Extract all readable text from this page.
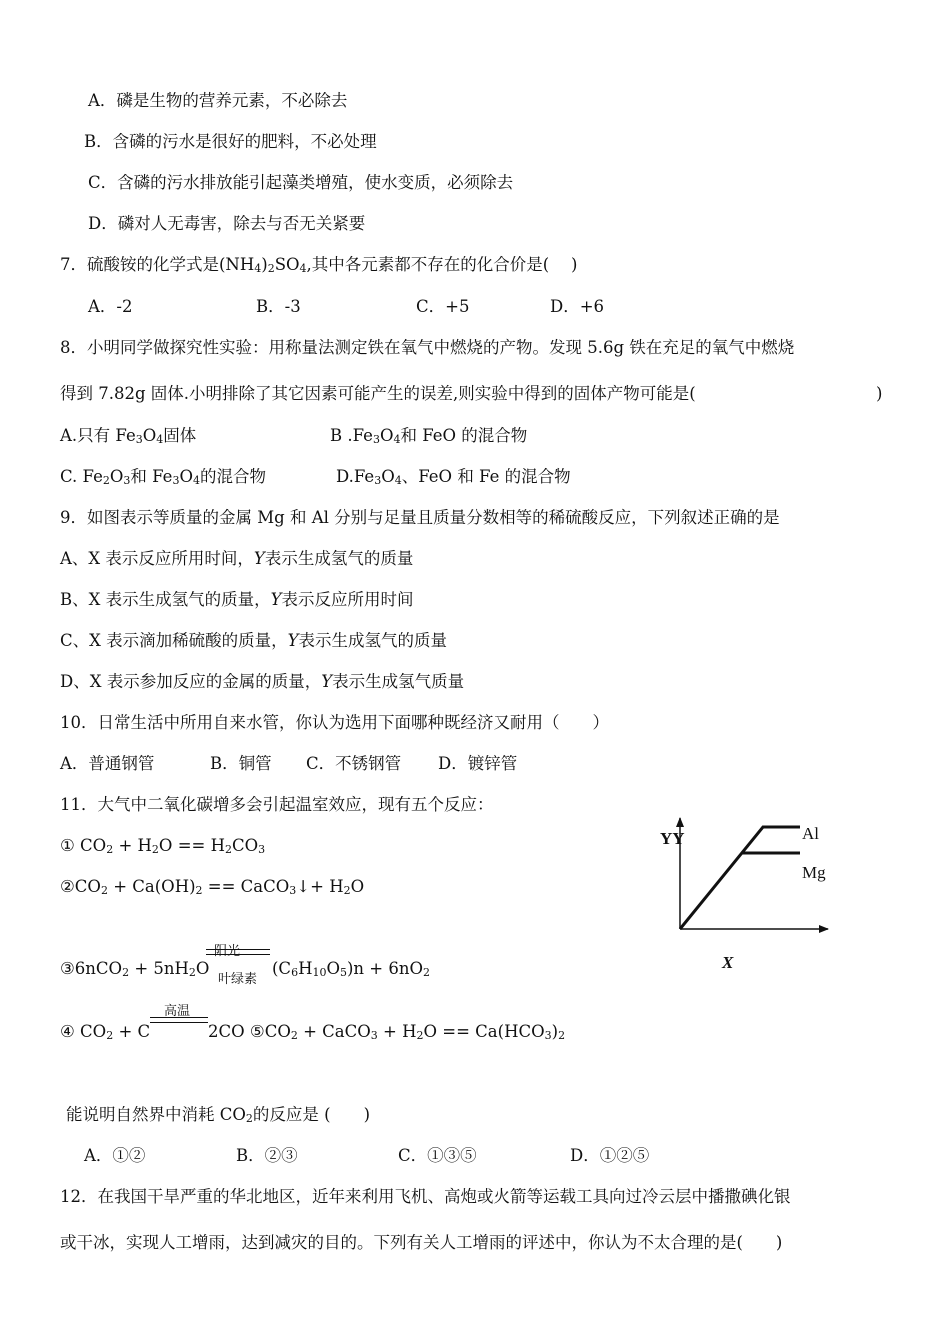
A．磷是生物的营养元素，不必除去
B．含磷的污水是很好的肥料，不必处理
C．含磷的污水排放能引起藻类增殖，使水变质，必须除去
D．磷对人无毒害，除去与否无关紧要
7．硫酸铵的化学式是$(NH_4)_2SO_4$,其中各元素都不存在的化合价是(　 )
A．-2	B．-3	C．+5	D．+6
8．小明同学做探究性实验：用称量法测定铁在氧气中燃烧的产物。发现 5.6g 铁在充足的氧气中燃烧
得到 7.82g 固体.小明排除了其它因素可能产生的误差,则实验中得到的固体产物可能是(	)
A.只有 $Fe_3O_4$固体	B $.Fe_3O_4$和 FeO 的混合物
C. $Fe_2O_3$和 $Fe_3O_4$的混合物	$D.Fe_3O_4$、FeO 和 Fe 的混合物
9．如图表示等质量的金属 Mg 和 Al 分别与足量且质量分数相等的稀硫酸反应，下列叙述正确的是
A、X 表示反应所用时间，Y表示生成氢气的质量
B、X 表示生成氢气的质量，Y表示反应所用时间
C、X 表示滴加稀硫酸的质量，Y表示生成氢气的质量
D、X 表示参加反应的金属的质量，Y表示生成氢气质量
10．日常生活中所用自来水管，你认为选用下面哪种既经济又耐用（　　）
A．普通钢管	B．铜管 C．不锈钢管 D．镀锌管
11．大气中二氧化碳增多会引起温室效应，现有五个反应：
① $CO_2 + H_2O == H_2CO_3$
$②CO_2 + Ca(OH)_2$ == CaCO$_3$↓+ $H_2O$
③6nCO$_2$ + $5nH_2O$
阳光
叶绿素
$(C_6H_{10}O_5)n + 6nO_2$
④ $CO_2 + C$
高温
2CO $⑤CO_2$ + CaCO$_3$ + $H_2O == Ca(HCO_3)_2$
能说明自然界中消耗 $CO_2$的反应是 (　　)
A．①②	B．②③	C．①③⑤	D．①②⑤
12．在我国干旱严重的华北地区，近年来利用飞机、高炮或火箭等运载工具向过冷云层中播撒碘化银
或干冰，实现人工增雨，达到减灾的目的。下列有关人工增雨的评述中，你认为不太合理的是(　　)
YY
X
Al
Mg
